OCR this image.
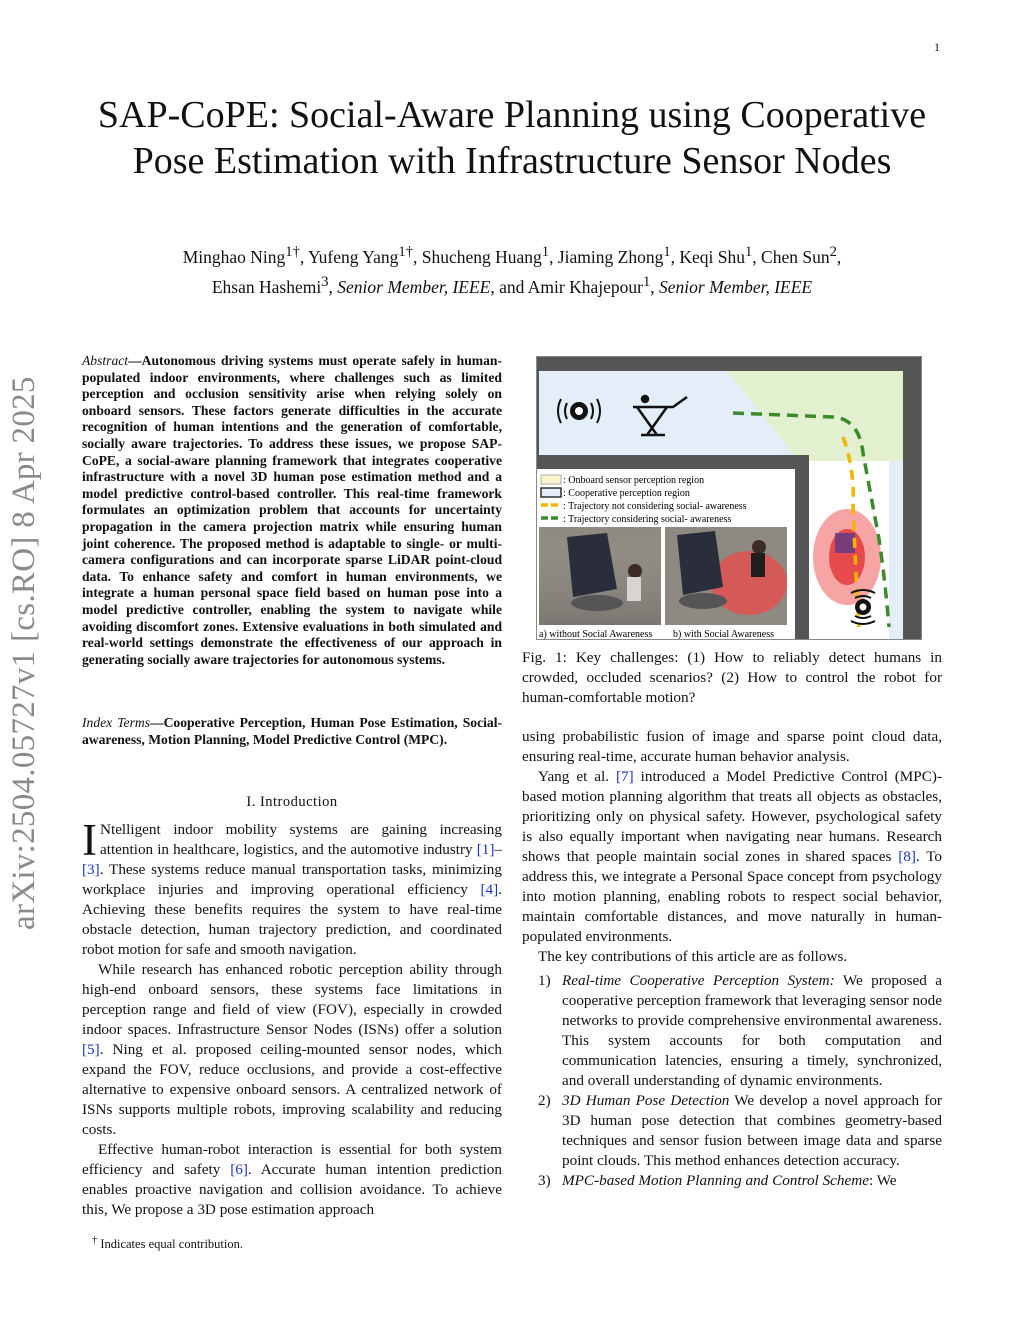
1
arXiv:2504.05727v1 [cs.RO] 8 Apr 2025
SAP-CoPE: Social-Aware Planning using Cooperative Pose Estimation with Infrastructure Sensor Nodes
Minghao Ning$^{1\dagger}$, Yufeng Yang$^{1\dagger}$, Shucheng Huang$^1$, Jiaming Zhong$^1$, Keqi Shu$^1$, Chen Sun$^2$,
Ehsan Hashemi$^3$, Senior Member, IEEE, and Amir Khajepour$^1$, Senior Member, IEEE
Abstract—Autonomous driving systems must operate safely in human-populated indoor environments, where challenges such as limited perception and occlusion sensitivity arise when relying solely on onboard sensors. These factors generate difficulties in the accurate recognition of human intentions and the generation of comfortable, socially aware trajectories. To address these issues, we propose SAP-CoPE, a social-aware planning framework that integrates cooperative infrastructure with a novel 3D human pose estimation method and a model predictive control-based controller. This real-time framework formulates an optimization problem that accounts for uncertainty propagation in the camera projection matrix while ensuring human joint coherence. The proposed method is adaptable to single- or multi-camera configurations and can incorporate sparse LiDAR point-cloud data. To enhance safety and comfort in human environments, we integrate a human personal space field based on human pose into a model predictive controller, enabling the system to navigate while avoiding discomfort zones. Extensive evaluations in both simulated and real-world settings demonstrate the effectiveness of our approach in generating socially aware trajectories for autonomous systems.
Index Terms—Cooperative Perception, Human Pose Estimation, Social-awareness, Motion Planning, Model Predictive Control (MPC).
I. Introduction

I Ntelligent indoor mobility systems are gaining increasing attention in healthcare, logistics, and the automotive industry [1]–[3]. These systems reduce manual transportation tasks, minimizing workplace injuries and improving operational efficiency [4]. Achieving these benefits requires the system to have real-time obstacle detection, human trajectory prediction, and coordinated robot motion for safe and smooth navigation.

While research has enhanced robotic perception ability through high-end onboard sensors, these systems face limitations in perception range and field of view (FOV), especially in crowded indoor spaces. Infrastructure Sensor Nodes (ISNs) offer a solution [5]. Ning et al. proposed ceiling-mounted sensor nodes, which expand the FOV, reduce occlusions, and provide a cost-effective alternative to expensive onboard sensors. A centralized network of ISNs supports multiple robots, improving scalability and reducing costs.

Effective human-robot interaction is essential for both system efficiency and safety [6]. Accurate human intention prediction enables proactive navigation and collision avoidance. To achieve this, We propose a 3D pose estimation approach

† Indicates equal contribution.
: Onboard sensor perception region
: Cooperative perception region
: Trajectory not considering social- awareness
: Trajectory considering social- awareness
a) without Social Awareness b) with Social Awareness
Fig. 1: Key challenges: (1) How to reliably detect humans in crowded, occluded scenarios? (2) How to control the robot for human-comfortable motion?

using probabilistic fusion of image and sparse point cloud data, ensuring real-time, accurate human behavior analysis.

Yang et al. [7] introduced a Model Predictive Control (MPC)-based motion planning algorithm that treats all objects as obstacles, prioritizing only on physical safety. However, psychological safety is also equally important when navigating near humans. Research shows that people maintain social zones in shared spaces [8]. To address this, we integrate a Personal Space concept from psychology into motion planning, enabling robots to respect social behavior, maintain comfortable distances, and move naturally in human-populated environments.

The key contributions of this article are as follows.

1) Real-time Cooperative Perception System: We proposed a cooperative perception framework that leveraging sensor node networks to provide comprehensive environmental awareness. This system accounts for both computation and communication latencies, ensuring a timely, synchronized, and overall understanding of dynamic environments.
2) 3D Human Pose Detection We develop a novel approach for 3D human pose detection that combines geometry-based techniques and sensor fusion between image data and sparse point clouds. This method enhances detection accuracy.
3) MPC-based Motion Planning and Control Scheme: We
